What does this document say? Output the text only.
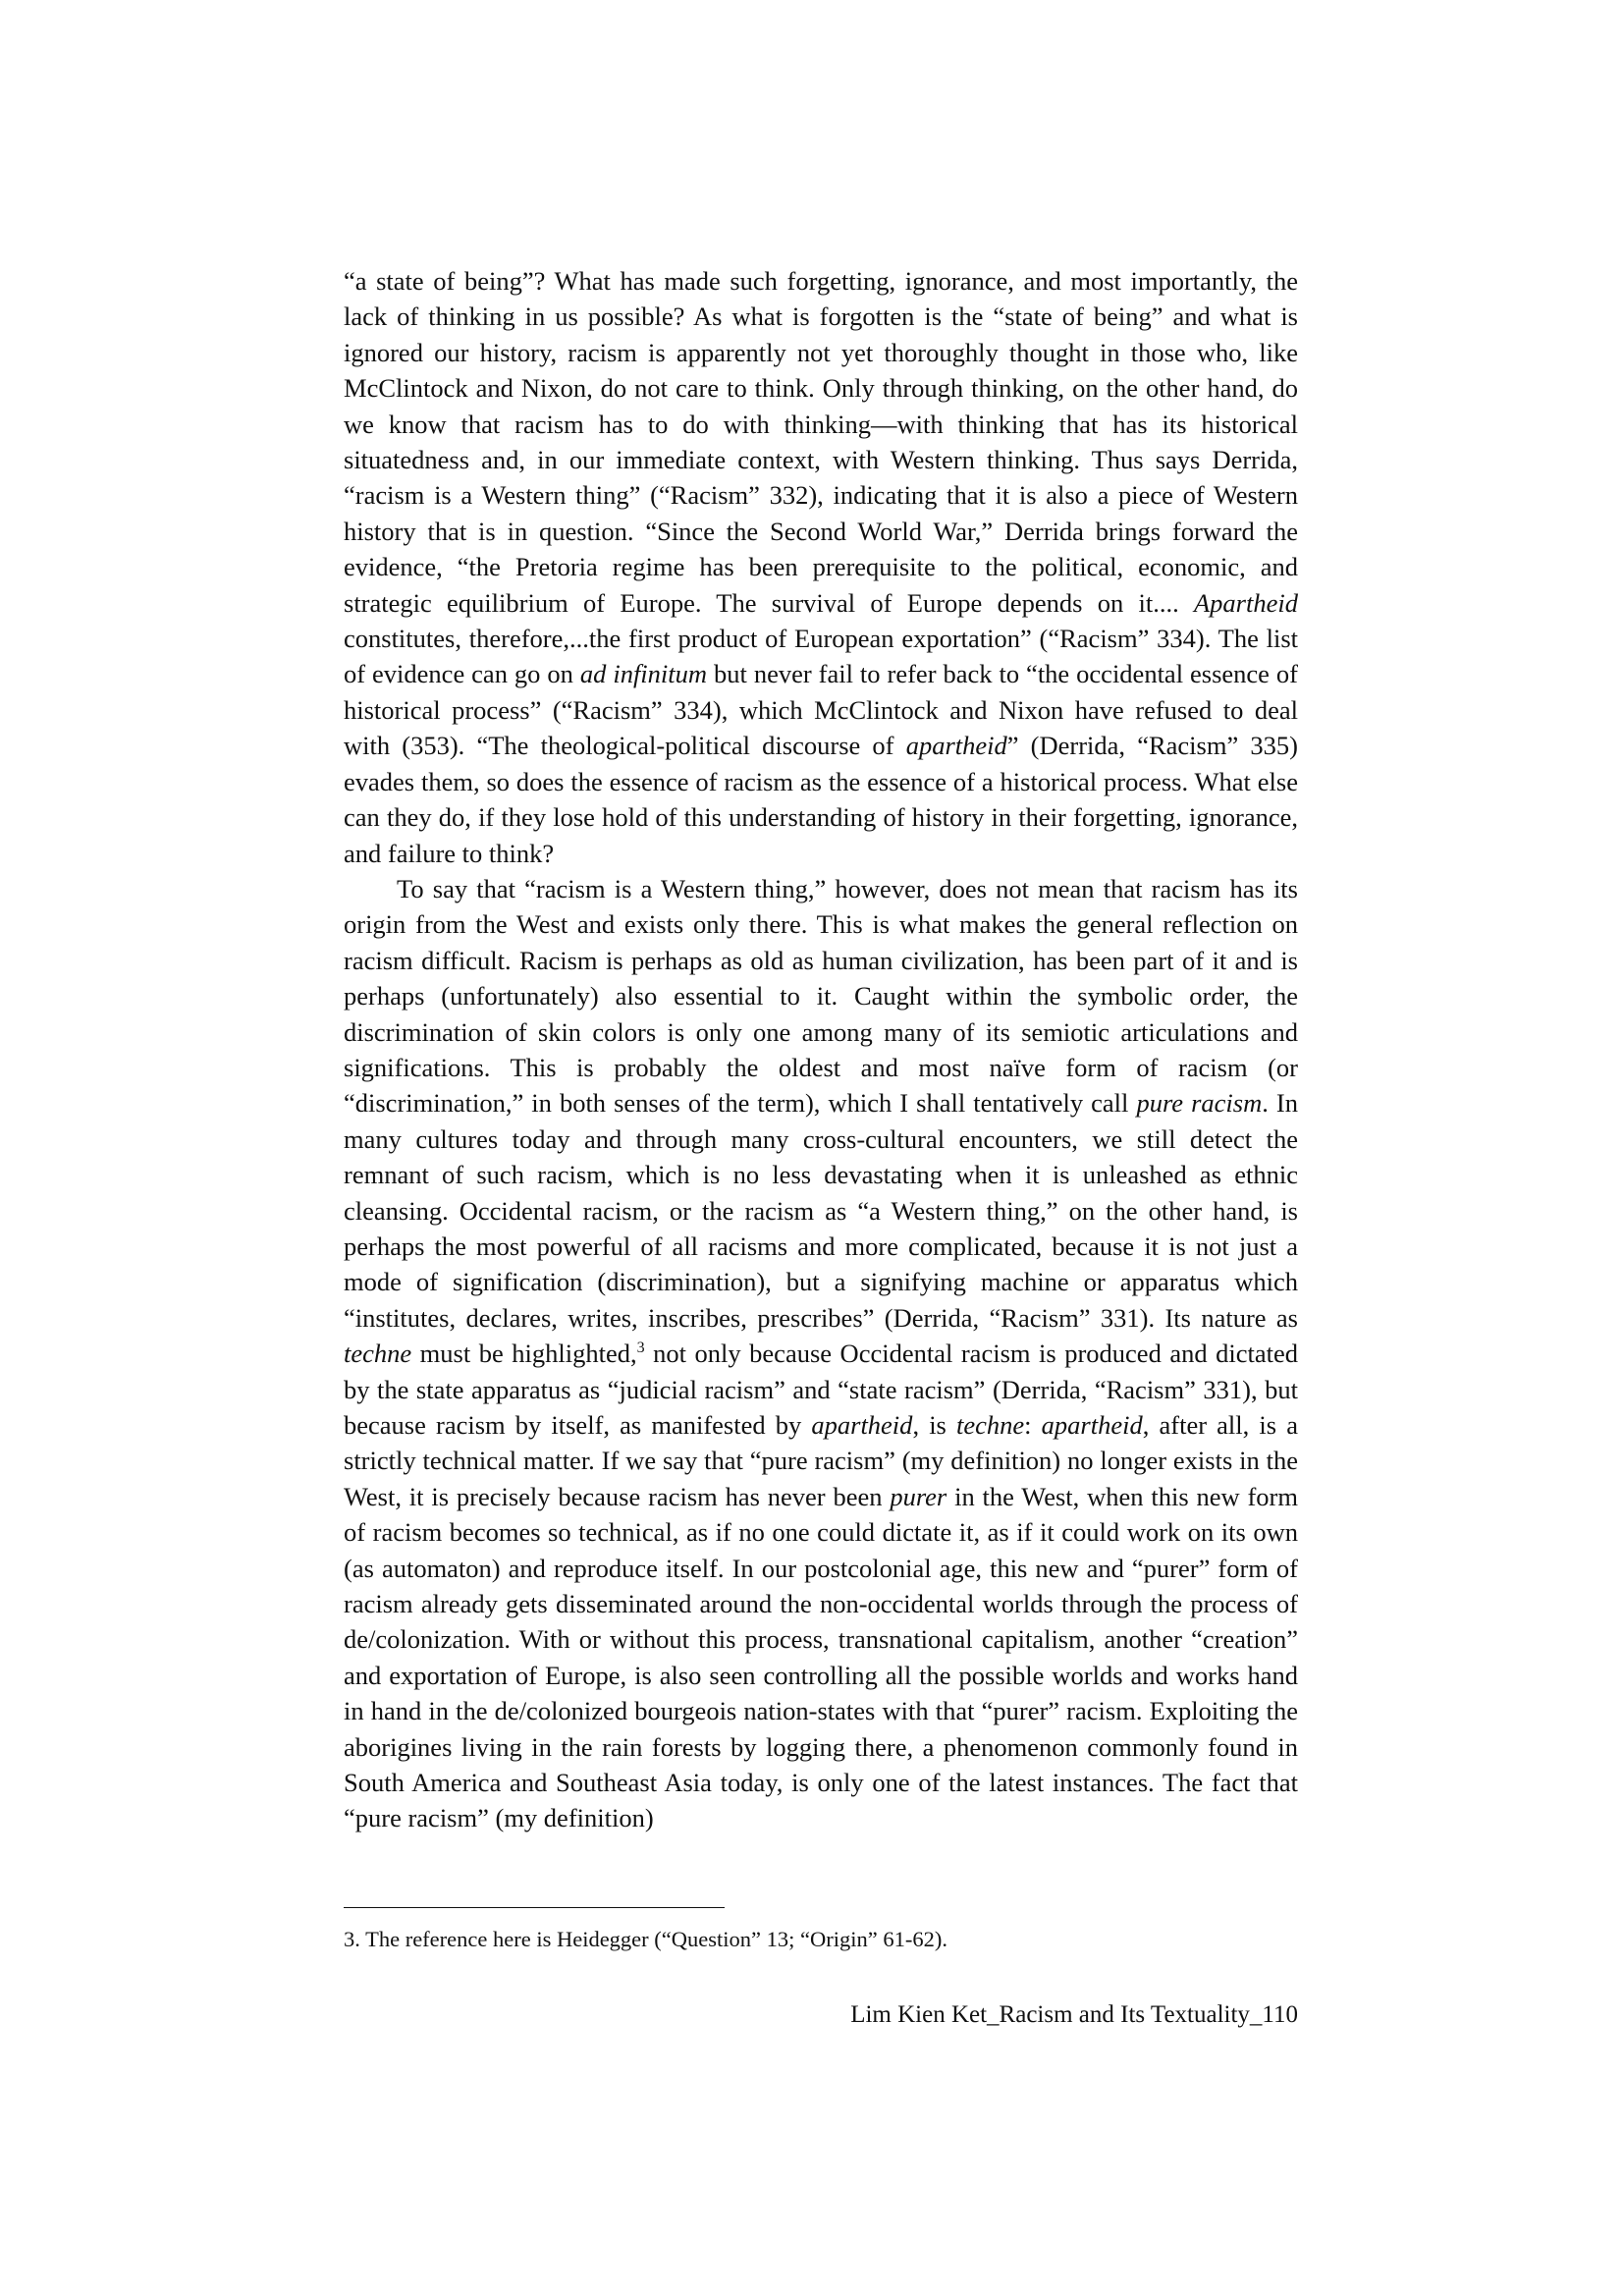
“a state of being”? What has made such forgetting, ignorance, and most importantly, the lack of thinking in us possible? As what is forgotten is the “state of being” and what is ignored our history, racism is apparently not yet thoroughly thought in those who, like McClintock and Nixon, do not care to think. Only through thinking, on the other hand, do we know that racism has to do with thinking—with thinking that has its historical situatedness and, in our immediate context, with Western thinking. Thus says Derrida, “racism is a Western thing” (“Racism” 332), indicating that it is also a piece of Western history that is in question. “Since the Second World War,” Derrida brings forward the evidence, “the Pretoria regime has been prerequisite to the political, economic, and strategic equilibrium of Europe. The survival of Europe depends on it.... Apartheid constitutes, therefore,...the first product of European exportation” (“Racism” 334). The list of evidence can go on ad infinitum but never fail to refer back to “the occidental essence of historical process” (“Racism” 334), which McClintock and Nixon have refused to deal with (353). “The theological-political discourse of apartheid” (Derrida, “Racism” 335) evades them, so does the essence of racism as the essence of a historical process. What else can they do, if they lose hold of this understanding of history in their forgetting, ignorance, and failure to think?

To say that “racism is a Western thing,” however, does not mean that racism has its origin from the West and exists only there. This is what makes the general reflection on racism difficult. Racism is perhaps as old as human civilization, has been part of it and is perhaps (unfortunately) also essential to it. Caught within the symbolic order, the discrimination of skin colors is only one among many of its semiotic articulations and significations. This is probably the oldest and most naïve form of racism (or “discrimination,” in both senses of the term), which I shall tentatively call pure racism. In many cultures today and through many cross-cultural encounters, we still detect the remnant of such racism, which is no less devastating when it is unleashed as ethnic cleansing. Occidental racism, or the racism as “a Western thing,” on the other hand, is perhaps the most powerful of all racisms and more complicated, because it is not just a mode of signification (discrimination), but a signifying machine or apparatus which “institutes, declares, writes, inscribes, prescribes” (Derrida, “Racism” 331). Its nature as techne must be highlighted,$^3$ not only because Occidental racism is produced and dictated by the state apparatus as “judicial racism” and “state racism” (Derrida, “Racism” 331), but because racism by itself, as manifested by apartheid, is techne: apartheid, after all, is a strictly technical matter. If we say that “pure racism” (my definition) no longer exists in the West, it is precisely because racism has never been purer in the West, when this new form of racism becomes so technical, as if no one could dictate it, as if it could work on its own (as automaton) and reproduce itself. In our postcolonial age, this new and “purer” form of racism already gets disseminated around the non-occidental worlds through the process of de/colonization. With or without this process, transnational capitalism, another “creation” and exportation of Europe, is also seen controlling all the possible worlds and works hand in hand in the de/colonized bourgeois nation-states with that “purer” racism. Exploiting the aborigines living in the rain forests by logging there, a phenomenon commonly found in South America and Southeast Asia today, is only one of the latest instances. The fact that “pure racism” (my definition)

3. The reference here is Heidegger (“Question” 13; “Origin” 61-62).
Lim Kien Ket_Racism and Its Textuality_110
